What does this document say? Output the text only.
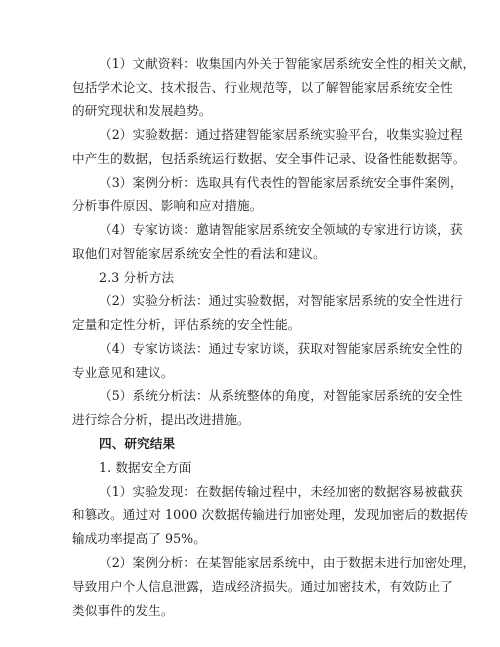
（1）文献资料：收集国内外关于智能家居系统安全性的相关文献，
包括学术论文、技术报告、行业规范等，以了解智能家居系统安全性
的研究现状和发展趋势。
（2）实验数据：通过搭建智能家居系统实验平台，收集实验过程
中产生的数据，包括系统运行数据、安全事件记录、设备性能数据等。
（3）案例分析：选取具有代表性的智能家居系统安全事件案例，
分析事件原因、影响和应对措施。
（4）专家访谈：邀请智能家居系统安全领域的专家进行访谈，获
取他们对智能家居系统安全性的看法和建议。
2.3 分析方法
（2）实验分析法：通过实验数据，对智能家居系统的安全性进行
定量和定性分析，评估系统的安全性能。
（4）专家访谈法：通过专家访谈，获取对智能家居系统安全性的
专业意见和建议。
（5）系统分析法：从系统整体的角度，对智能家居系统的安全性
进行综合分析，提出改进措施。
四、研究结果
1. 数据安全方面
（1）实验发现：在数据传输过程中，未经加密的数据容易被截获
和篡改。通过对 1000 次数据传输进行加密处理，发现加密后的数据传
输成功率提高了 95%。
（2）案例分析：在某智能家居系统中，由于数据未进行加密处理，
导致用户个人信息泄露，造成经济损失。通过加密技术，有效防止了
类似事件的发生。
